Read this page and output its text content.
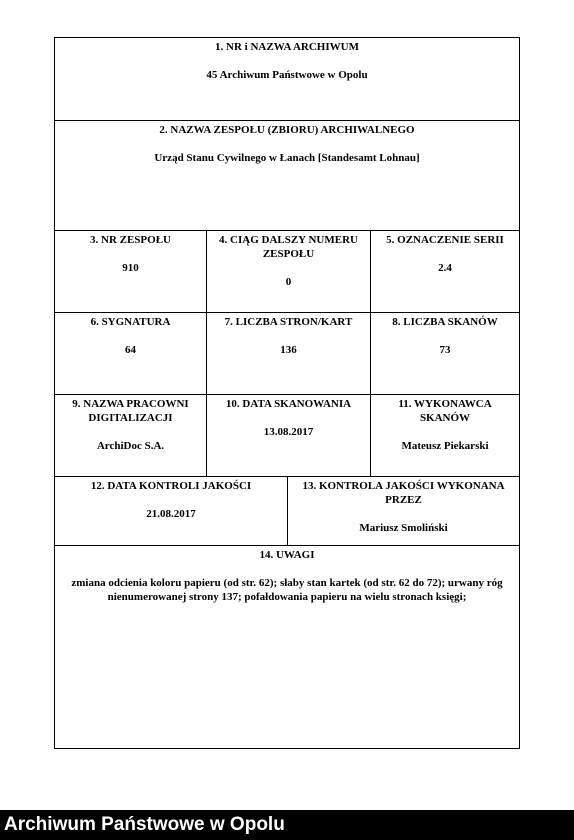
1. NR i NAZWA ARCHIWUM
45 Archiwum Państwowe w Opolu
2. NAZWA ZESPOŁU (ZBIORU) ARCHIWALNEGO
Urząd Stanu Cywilnego w Łanach [Standesamt Lohnau]
3. NR ZESPOŁU
910
4. CIĄG DALSZY NUMERU ZESPOŁU
0
5. OZNACZENIE SERII
2.4
6. SYGNATURA
64
7. LICZBA STRON/KART
136
8. LICZBA SKANÓW
73
9. NAZWA PRACOWNI DIGITALIZACJI
ArchiDoc S.A.
10. DATA SKANOWANIA
13.08.2017
11. WYKONAWCA SKANÓW
Mateusz Piekarski
12. DATA KONTROLI JAKOŚCI
21.08.2017
13. KONTROLA JAKOŚCI WYKONANA PRZEZ
Mariusz Smoliński
14. UWAGI
zmiana odcienia koloru papieru (od str. 62); słaby stan kartek (od str. 62 do 72); urwany róg nienumerowanej strony 137; pofałdowania papieru na wielu stronach księgi;
Archiwum Państwowe w Opolu
